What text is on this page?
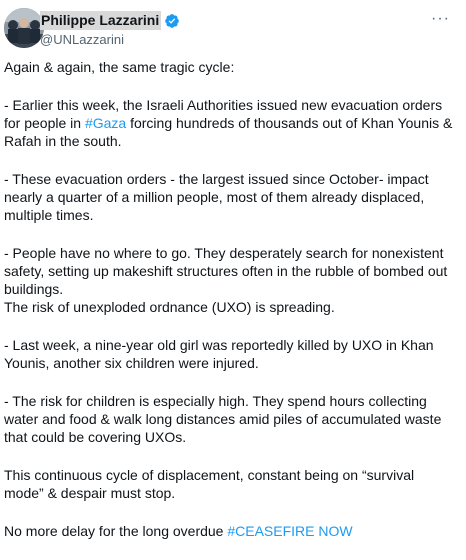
Philippe Lazzarini
@UNLazzarini
···

Again & again, the same tragic cycle:

- Earlier this week, the Israeli Authorities issued new evacuation orders
for people in #Gaza forcing hundreds of thousands out of Khan Younis &
Rafah in the south.

- These evacuation orders - the largest issued since October- impact
nearly a quarter of a million people, most of them already displaced,
multiple times.

- People have no where to go. They desperately search for nonexistent
safety, setting up makeshift structures often in the rubble of bombed out
buildings.
The risk of unexploded ordnance (UXO) is spreading.

- Last week, a nine-year old girl was reportedly killed by UXO in Khan
Younis, another six children were injured.

- The risk for children is especially high. They spend hours collecting
water and food & walk long distances amid piles of accumulated waste
that could be covering UXOs.

This continuous cycle of displacement, constant being on “survival
mode” & despair must stop.

No more delay for the long overdue #CEASEFIRE NOW
